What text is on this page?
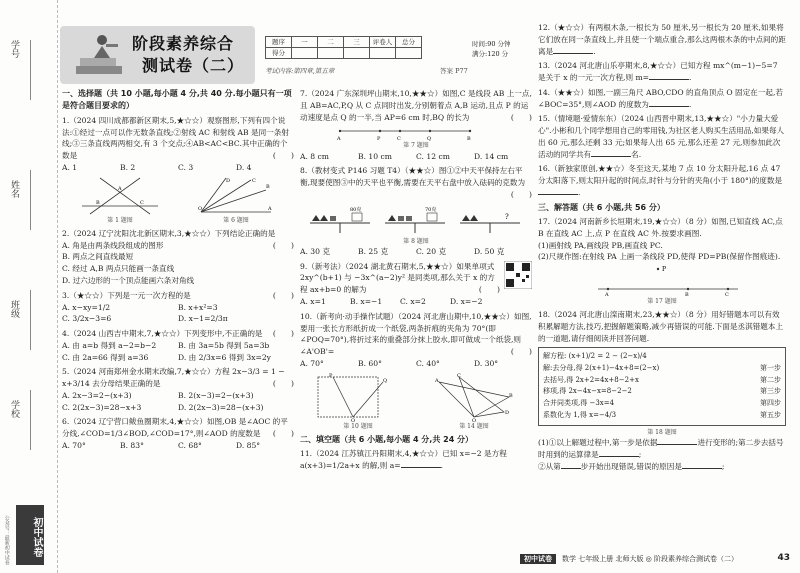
学号
姓名
班级
学校
初中试卷
公众号：最新初中试卷
阶段素养综合
测试卷（二）
题序	一	二	三	评卷人	总分
得分					
时间:90 分钟
满分:120 分
考试内容:第四章,第五章	答案 P77
一、选择题（共 10 小题,每小题 4 分,共 40 分.每小题只有一项是符合题目要求的）
1.（2024 四川成都都新区期末,5,★☆☆）观察图形,下列有四个说法:①经过一点可以作无数条直线;②射线 AC 和射线 AB 是同一条射线;③三条直线两两相交,有 3 个交点;④AB<AC<BC.其中正确的个数是	(　　)
A. 1	B. 2	C. 3	D. 4
A
B	C
第 1 题图
O	A
B
C
D
第 6 题图
2.（2024 辽宁沈阳沈北新区期末,3,★☆☆）下列结论正确的是
(　　)
A. 角是由两条线段组成的图形
B. 两点之间直线最短
C. 经过 A,B 两点只能画一条直线
D. 过六边形的一个顶点能画六条对角线
3.（★☆☆）下列是一元一次方程的是	(　　)
A. x−xy=1/2	B. x+x²=3
C. 3/2x−3=6	D. x−1=2/3π
4.（2024 山西吉中期末,7,★☆☆）下列变形中,不正确的是 (　　)
A. 由 a=b 得到 a−2=b−2	B. 由 3a=5b 得到 5a=3b
C. 由 2a=66 得到 a=36	D. 由 2/3x=6 得到 3x=2y
5.（2024 河南郑州金水期末改编,7,★☆☆）方程 2x−3/3 = 1 − x+3/14 去分母结果正确的是	(　　)
A. 2x−3=2−(x+3)	B. 2(x−3)=2−(x+3)
C. 2(2x−3)=28−x+3	D. 2(2x−3)=28−(x+3)
6.（2024 辽宁营口鲅鱼圈期末,4,★☆☆）如图,OB 是∠AOC 的平分线,∠COD=1/3∠BOD,∠COD=17°,则∠AOD 的度数是 (　　)
A. 70°	B. 83°	C. 68°	D. 85°
7.（2024 广东深圳坪山期末,10,★★☆）如图,C 是线段 AB 上一点,且 AB=AC,P,Q 从 C 点同时出发,分别朝着点 A,B 运动,且点 P 的运动速度是点 Q 的一半,当 AP=6 cm 时,BQ 的长为	(　　)
A	P	C	Q	B
第 7 题图
A. 8 cm	B. 10 cm	C. 12 cm	D. 14 cm
8.（教材变式 P146 习题 T4）（★★☆）图①②中天平保持左右平衡,现要使图③中的天平也平衡,需要在天平右盘中放入砝码的克数为
(　　)
80克	70克
?
第 8 题图
A. 30 克	B. 25 克	C. 20 克	D. 50 克
9.（新考法）（2024 湖北黄石期末,5,★★☆）如果单项式 2xy^(b+1) 与 −3x^(a−2)y² 是同类项,那么关于 x 的方程 ax+b=0 的解为	(　　)
A. x=1	B. x=−1	C. x=2	D. x=−2
10.（新考向·动手操作试题）（2024 河北唐山期中,10,★★☆）如图,要用一张长方形纸折成一个纸袋,两条折痕的夹角为 70°(即∠POQ=70°),将折过来的重叠部分抹上胶水,即可做成一个纸袋,则∠A'OB'=	(　　)
A. 70°	B. 60°	C. 40°	D. 30°
O
P
Q
第 10 题图
O
A
B
C
D
第 14 题图
二、填空题（共 6 小题,每小题 4 分,共 24 分）
11.（2024 江苏镇江丹阳期末,4,★☆☆）已知 x=−2 是方程 a(x+3)=1/2a+x 的解,则 a=	.
12.（★☆☆）有两根木条,一根长为 50 厘米,另一根长为 20 厘米,如果将它们放在同一条直线上,并且使一个端点重合,那么这两根木条的中点间的距离是	.
13.（2024 河北唐山乐亭期末,8,★☆☆）已知方程 mx^(m−1)−5=7 是关于 x 的一元一次方程,则 m=	.
14.（★★☆）如图,一副三角尺 ABO,CDO 的直角顶点 O 固定在一起,若∠BOC=35°,则∠AOD 的度数为	.
15.（情境题·爱情东东）（2024 山西晋中期末,13,★★☆）"小力量大爱心".小彬和几个同学想用自己的零用钱,为社区老人购买生活用品,如果每人出 60 元,那么还剩 33 元;如果每人出 65 元,那么还差 27 元,则参加此次活动的同学共有	名.
16.（新独家原创,★★☆）冬至这天,某地 7 点 10 分太阳升起,16 点 47 分太阳落下,则太阳升起的时间点,时针与分针的夹角(小于 180°)的度数是.
三、解答题（共 6 小题,共 56 分）
17.（2024 河南新乡长垣期末,19,★☆☆）（8 分）如图,已知直线 AC,点 B 在直线 AC 上,点 P 在直线 AC 外.按要求画图.
(1)画射线 PA,画线段 PB,画直线 PC.
(2)尺规作图:在射线 PA 上画一条线段 PD,使得 PD=PB(保留作图痕迹).
P
A	B	C
第 17 题图
18.（2024 河北唐山滦南期末,23,★★☆）（8 分）用好错题本可以有效积累解题方法,技巧,把握解题策略,减少再错误的可能.下面是丞淇错题本上的一道题,请仔细阅读并回答问题.
解方程: (x+1)/2 = 2 − (2−x)/4
解:去分母,得 2(x+1)−4x+8=(2−x)	第一步
去括号,得 2x+2=4x+8−2+x	第二步
移项,得 2x−4x−x=8−2−2	第三步
合并同类项,得 −3x=4	第四步
系数化为 1,得 x=−4/3	第五步
第 18 题图
(1)①以上解题过程中,第一步是依据	进行变形的;第二步去括号时用到的运算律是	;
②从第	步开始出现错误,错误的原因是	;
初中试卷	数学 七年级上册 北师大版 ◎ 阶段素养综合测试卷（二）	43
